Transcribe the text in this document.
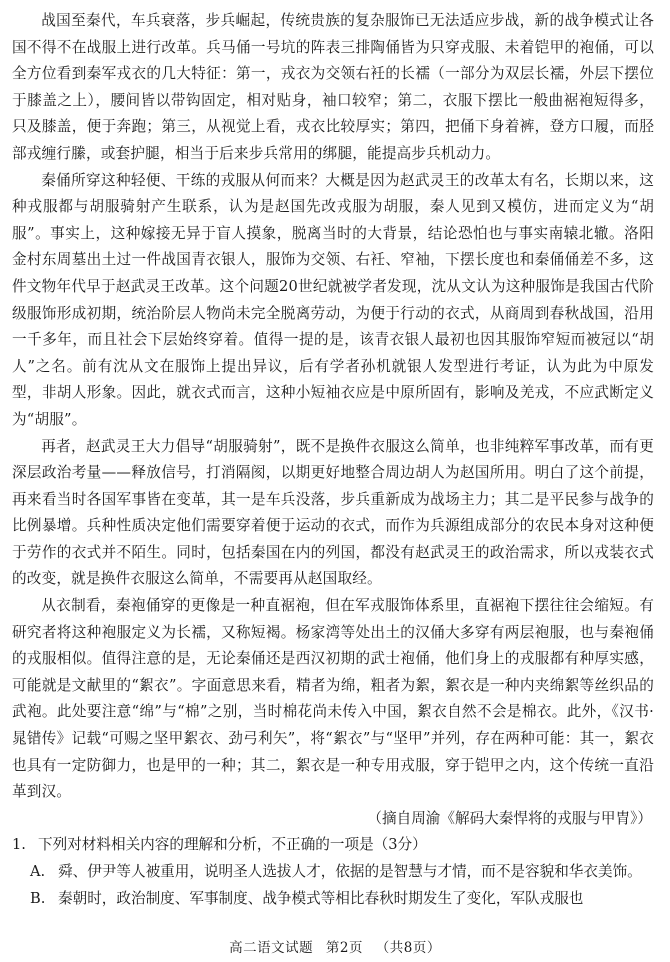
战国至秦代，车兵衰落，步兵崛起，传统贵族的复杂服饰已无法适应步战，新的战争模式让各国不得不在战服上进行改革。兵马俑一号坑的阵表三排陶俑皆为只穿戎服、未着铠甲的袍俑，可以全方位看到秦军戎衣的几大特征：第一，戎衣为交领右衽的长襦（一部分为双层长襦，外层下摆位于膝盖之上），腰间皆以带钩固定，相对贴身，袖口较窄；第二，衣服下摆比一般曲裾袍短得多，只及膝盖，便于奔跑；第三，从视觉上看，戎衣比较厚实；第四，把俑下身着裤，登方口履，而胫部戎缠行縢，或套护腿，相当于后来步兵常用的绑腿，能提高步兵机动力。

秦俑所穿这种轻便、干练的戎服从何而来？大概是因为赵武灵王的改革太有名，长期以来，这种戎服都与胡服骑射产生联系，认为是赵国先改戎服为胡服，秦人见到又模仿，进而定义为“胡服”。事实上，这种嫁接无异于盲人摸象，脱离当时的大背景，结论恐怕也与事实南辕北辙。洛阳金村东周墓出土过一件战国青衣银人，服饰为交领、右衽、窄袖，下摆长度也和秦俑俑差不多，这件文物年代早于赵武灵王改革。这个问题20世纪就被学者发现，沈从文认为这种服饰是我国古代阶级服饰形成初期，统治阶层人物尚未完全脱离劳动，为便于行动的衣式，从商周到春秋战国，沿用一千多年，而且社会下层始终穿着。值得一提的是，该青衣银人最初也因其服饰窄短而被冠以“胡人”之名。前有沈从文在服饰上提出异议，后有学者孙机就银人发型进行考证，认为此为中原发型，非胡人形象。因此，就衣式而言，这种小短袖衣应是中原所固有，影响及羌戎，不应武断定义为“胡服”。

再者，赵武灵王大力倡导“胡服骑射”，既不是换件衣服这么简单，也非纯粹军事改革，而有更深层政治考量——释放信号，打消隔阂，以期更好地整合周边胡人为赵国所用。明白了这个前提，再来看当时各国军事皆在变革，其一是车兵没落，步兵重新成为战场主力；其二是平民参与战争的比例暴增。兵种性质决定他们需要穿着便于运动的衣式，而作为兵源组成部分的农民本身对这种便于劳作的衣式并不陌生。同时，包括秦国在内的列国，都没有赵武灵王的政治需求，所以戎装衣式的改变，就是换件衣服这么简单，不需要再从赵国取经。

从衣制看，秦袍俑穿的更像是一种直裾袍，但在军戎服饰体系里，直裾袍下摆往往会缩短。有研究者将这种袍服定义为长襦，又称短褐。杨家湾等处出土的汉俑大多穿有两层袍服，也与秦袍俑的戎服相似。值得注意的是，无论秦俑还是西汉初期的武士袍俑，他们身上的戎服都有种厚实感，可能就是文献里的“絮衣”。字面意思来看，精者为绵，粗者为絮，絮衣是一种内夹绵絮等丝织品的武袍。此处要注意“绵”与“棉”之别，当时棉花尚未传入中国，絮衣自然不会是棉衣。此外，《汉书·晁错传》记载“可赐之坚甲絮衣、劲弓利矢”，将“絮衣”与“坚甲”并列，存在两种可能：其一，絮衣也具有一定防御力，也是甲的一种；其二，絮衣是一种专用戎服，穿于铠甲之内，这个传统一直沿革到汉。

（摘自周渝《解码大秦悍将的戎服与甲胄》）

1. 下列对材料相关内容的理解和分析，不正确的一项是（3分）

A. 舜、伊尹等人被重用，说明圣人选拔人才，依据的是智慧与才情，而不是容貌和华衣美饰。

B. 秦朝时，政治制度、军事制度、战争模式等相比春秋时期发生了变化，军队戎服也

高二语文试题 第2页 （共8页）
